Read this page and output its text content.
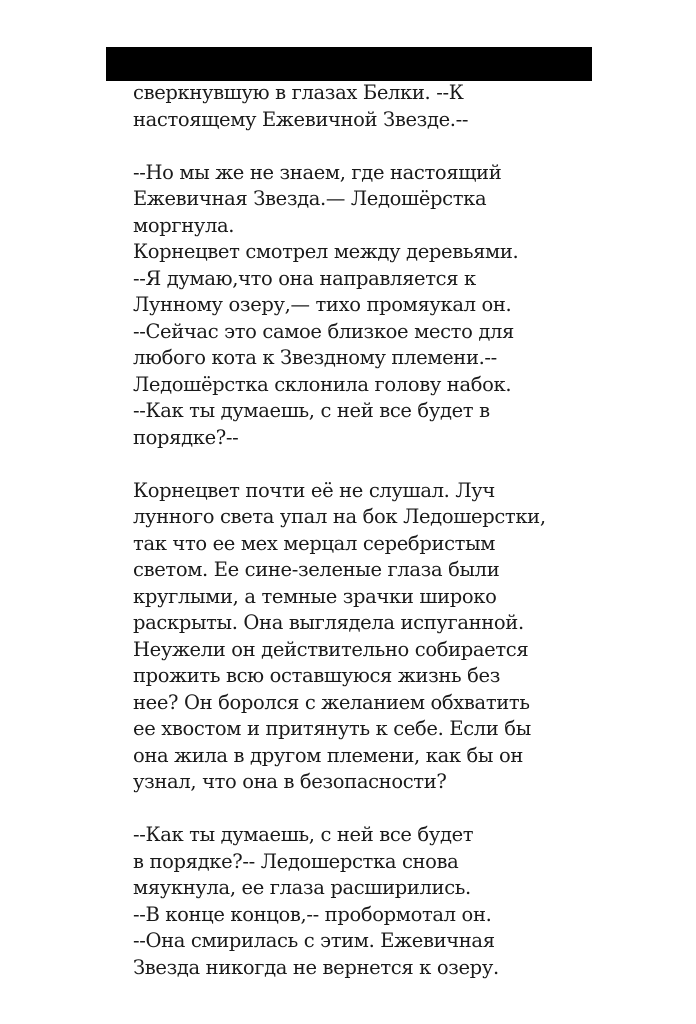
сверкнувшую в глазах Белки. --К
настоящему Ежевичной Звезде.--
--Но мы же не знаем, где настоящий
Ежевичная Звезда.— Ледошёрстка
моргнула.
Корнецвет смотрел между деревьями.
--Я думаю,что она направляется к
Лунному озеру,— тихо промяукал он.
--Сейчас это самое близкое место для
любого кота к Звездному племени.--
Ледошёрстка склонила голову набок.
--Как ты думаешь, с ней все будет в
порядке?--
Корнецвет почти её не слушал. Луч
лунного света упал на бок Ледошерстки,
так что ее мех мерцал серебристым
светом. Ее сине-зеленые глаза были
круглыми, а темные зрачки широко
раскрыты. Она выглядела испуганной.
Неужели он действительно собирается
прожить всю оставшуюся жизнь без
нее? Он боролся с желанием обхватить
ее хвостом и притянуть к себе. Если бы
она жила в другом племени, как бы он
узнал, что она в безопасности?
--Как ты думаешь, с ней все будет
в порядке?-- Ледошерстка снова
мяукнула, ее глаза расширились.
--В конце концов,-- пробормотал он.
--Она смирилась с этим. Ежевичная
Звезда никогда не вернется к озеру.
